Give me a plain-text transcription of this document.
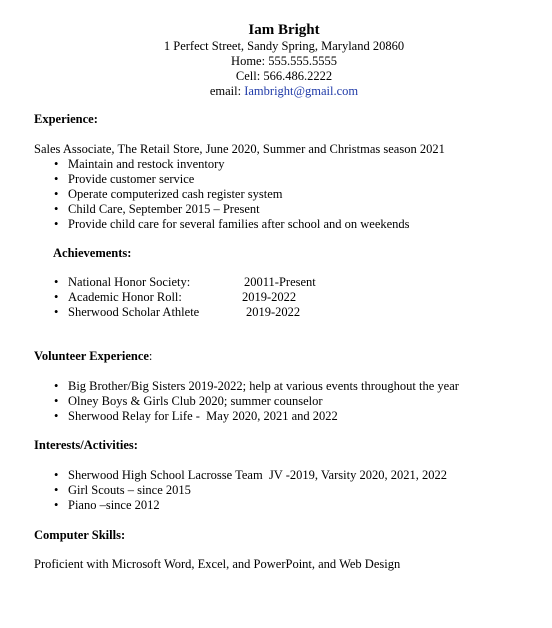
Iam Bright
1 Perfect Street, Sandy Spring, Maryland 20860
Home: 555.555.5555
Cell: 566.486.2222
email: Iambright@gmail.com
Experience:
Sales Associate, The Retail Store, June 2020, Summer and Christmas season 2021
• Maintain and restock inventory
• Provide customer service
• Operate computerized cash register system
• Child Care, September 2015 – Present
• Provide child care for several families after school and on weekends
Achievements:
• National Honor Society:	20011-Present
• Academic Honor Roll:	2019-2022
• Sherwood Scholar Athlete	2019-2022
Volunteer Experience:
• Big Brother/Big Sisters 2019-2022; help at various events throughout the year
• Olney Boys & Girls Club 2020; summer counselor
• Sherwood Relay for Life -  May 2020, 2021 and 2022
Interests/Activities:
• Sherwood High School Lacrosse Team  JV -2019, Varsity 2020, 2021, 2022
• Girl Scouts – since 2015
• Piano –since 2012
Computer Skills:
Proficient with Microsoft Word, Excel, and PowerPoint, and Web Design
